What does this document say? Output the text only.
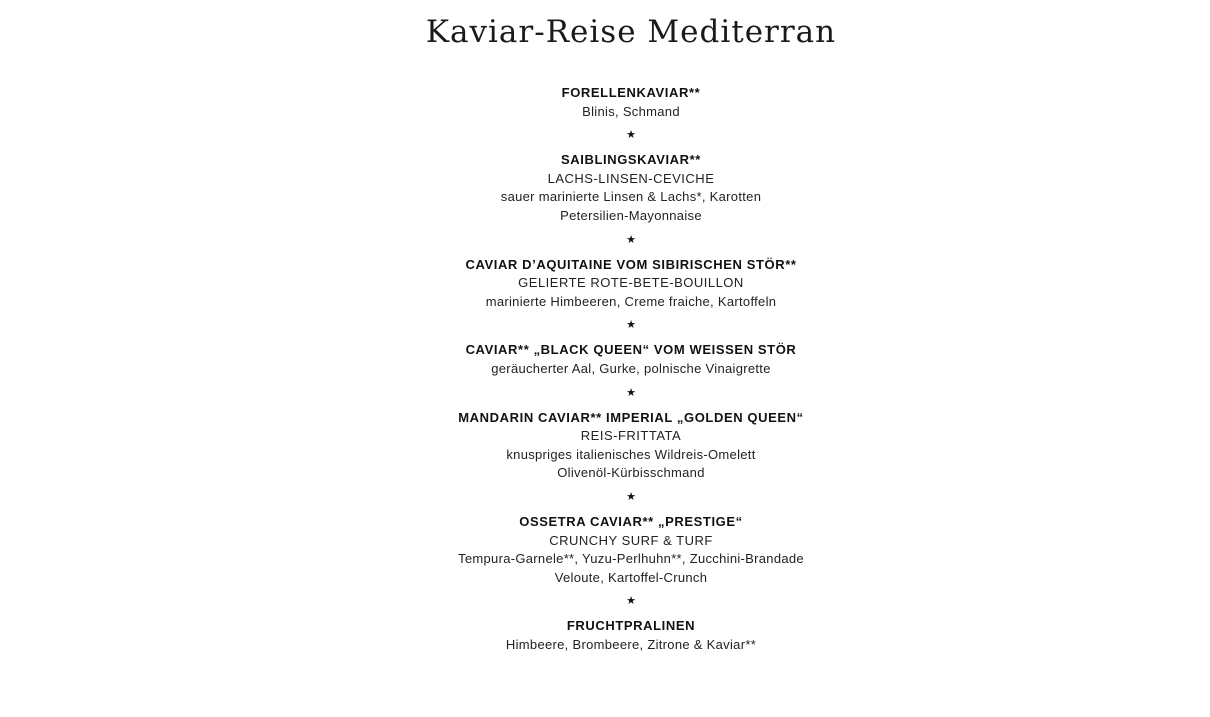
Kaviar-Reise Mediterran
FORELLENKAVIAR**
Blinis, Schmand
★
SAIBLINGSKAVIAR**
LACHS-LINSEN-CEVICHE
sauer marinierte Linsen & Lachs*, Karotten
Petersilien-Mayonnaise
★
CAVIAR D’AQUITAINE VOM SIBIRISCHEN STÖR**
GELIERTE ROTE-BETE-BOUILLON
marinierte Himbeeren, Creme fraiche, Kartoffeln
★
CAVIAR** „BLACK QUEEN“ VOM WEISSEN STÖR
geräucherter Aal, Gurke, polnische Vinaigrette
★
MANDARIN CAVIAR** IMPERIAL „GOLDEN QUEEN“
REIS-FRITTATA
knuspriges italienisches Wildreis-Omelett
Olivenöl-Kürbisschmand
★
OSSETRA CAVIAR** „PRESTIGE“
CRUNCHY SURF & TURF
Tempura-Garnele**, Yuzu-Perlhuhn**, Zucchini-Brandade
Veloute, Kartoffel-Crunch
★
FRUCHTPRALINEN
Himbeere, Brombeere, Zitrone & Kaviar**
